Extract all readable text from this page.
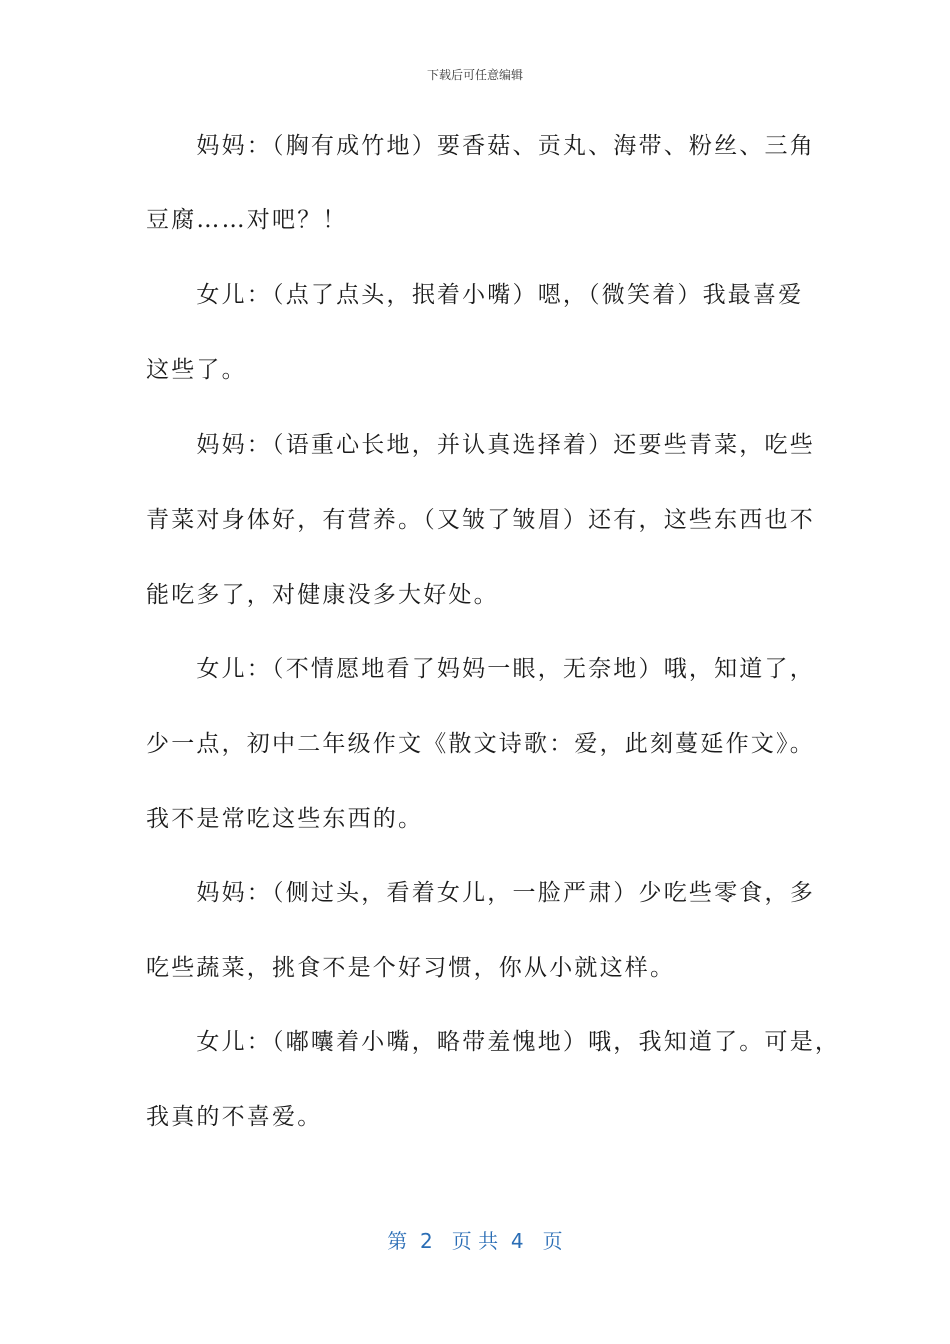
下载后可任意编辑
　　妈妈：（胸有成竹地）要香菇、贡丸、海带、粉丝、三角
豆腐……对吧？！
　　女儿：（点了点头，抿着小嘴）嗯，（微笑着）我最喜爱
这些了。
　　妈妈：（语重心长地，并认真选择着）还要些青菜，吃些
青菜对身体好，有营养。（又皱了皱眉）还有，这些东西也不
能吃多了，对健康没多大好处。
　　女儿：（不情愿地看了妈妈一眼，无奈地）哦，知道了，
少一点，初中二年级作文《散文诗歌：爱，此刻蔓延作文》。
我不是常吃这些东西的。
　　妈妈：（侧过头，看着女儿，一脸严肃）少吃些零食，多
吃些蔬菜，挑食不是个好习惯，你从小就这样。
　　女儿：（嘟囔着小嘴，略带羞愧地）哦，我知道了。可是，
我真的不喜爱。
第  2   页 共  4   页
